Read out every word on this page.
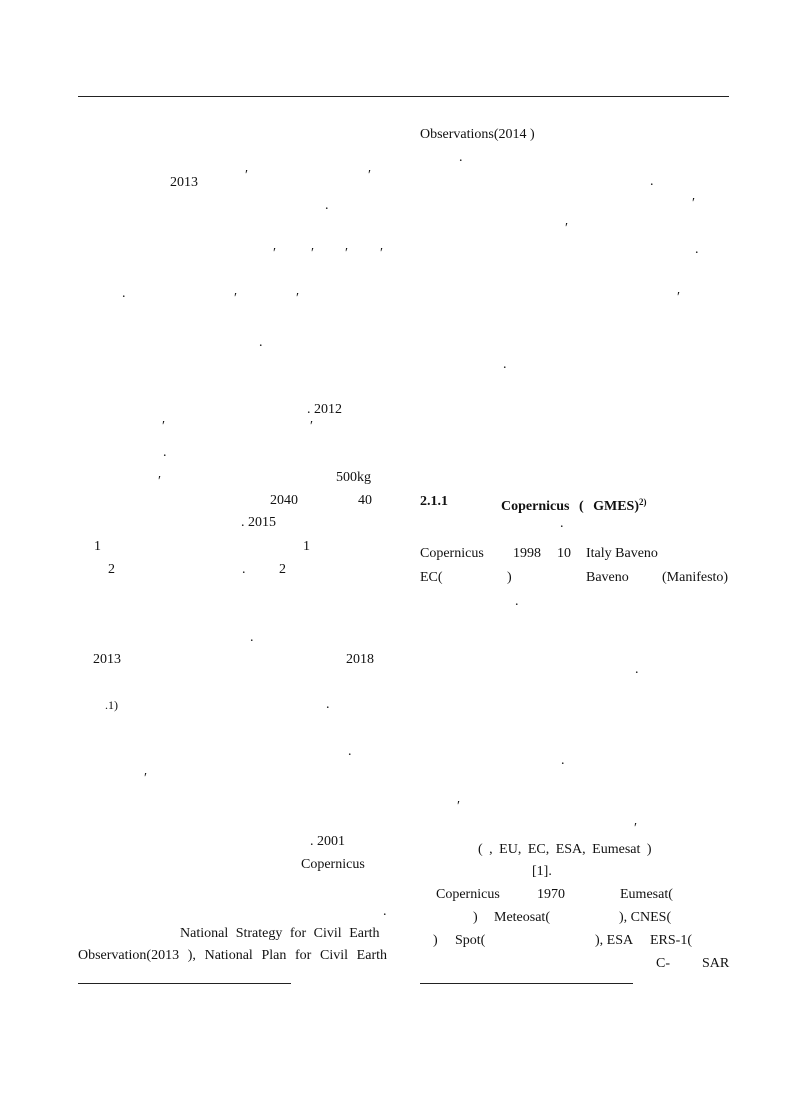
2013	′	′
.
′ ′ ′ ′
.	′	′
.
. 2012
′	′
.
′	500kg
2040	40
. 2015
1	1
2	. 2
.
2013	2018
.1)	.
.
′
. 2001
Copernicus
.
National Strategy for Civil Earth
Observation(2013 ), National Plan for Civil Earth
Observations(2014 )
.
.
′
′
.
′
.
2.1.1	Copernicus ( GMES)$^{2)}$
.
Copernicus 1998 10 Italy Baveno
EC(	)	Baveno (Manifesto)
.
.
.
′
′
( , EU, EC, ESA, Eumesat )
[1].
Copernicus	1970	Eumesat(
) Meteosat(	), CNES(
) Spot(	), ESA ERS-1(
C- SAR
